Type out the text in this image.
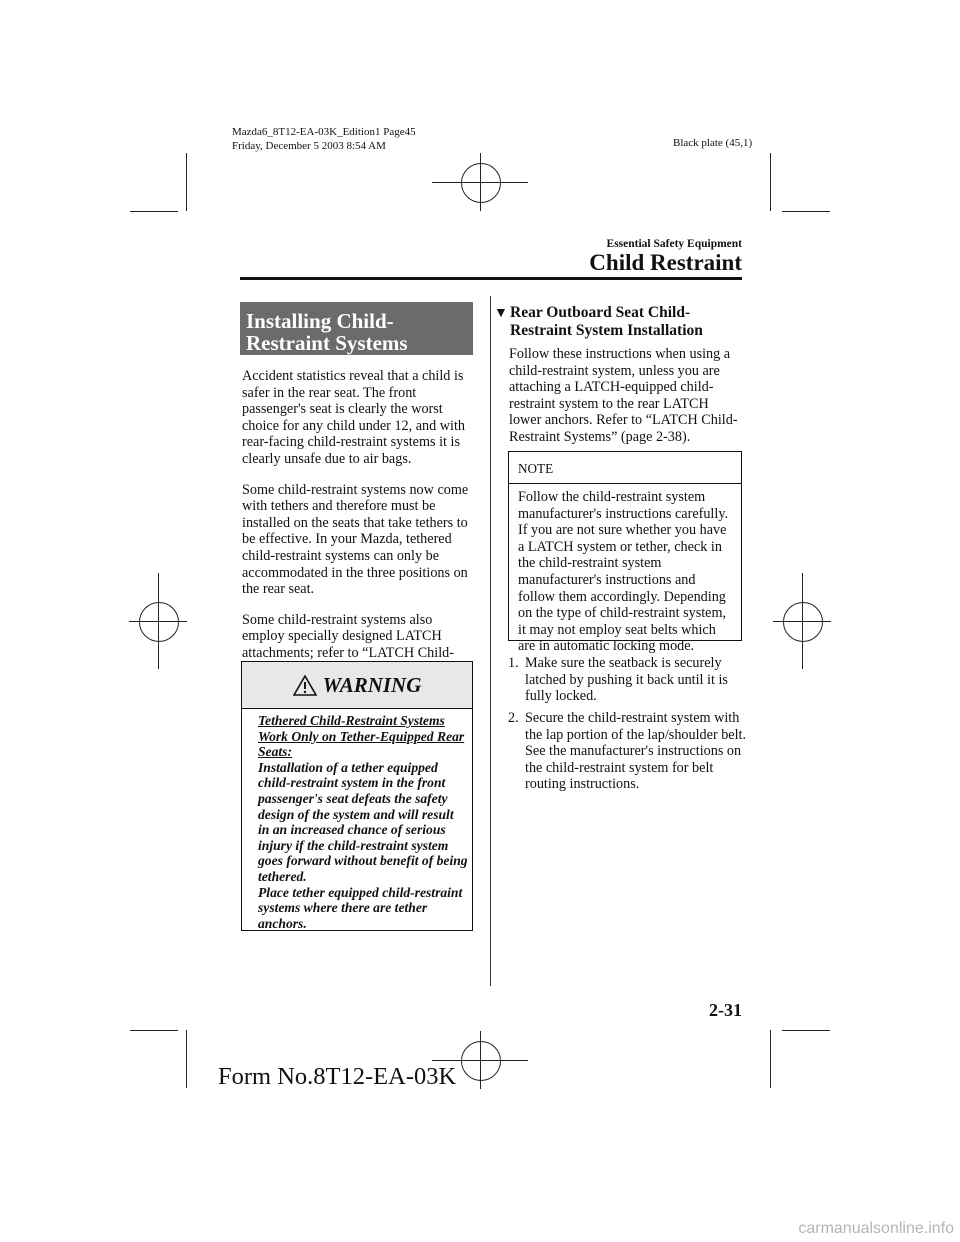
Mazda6_8T12-EA-03K_Edition1 Page45
Friday, December 5 2003 8:54 AM	Black plate (45,1)
Essential Safety Equipment
Child Restraint
Installing Child-Restraint Systems

Accident statistics reveal that a child is safer in the rear seat. The front passenger's seat is clearly the worst choice for any child under 12, and with rear-facing child-restraint systems it is clearly unsafe due to air bags.

Some child-restraint systems now come with tethers and therefore must be installed on the seats that take tethers to be effective. In your Mazda, tethered child-restraint systems can only be accommodated in the three positions on the rear seat.

Some child-restraint systems also employ specially designed LATCH attachments; refer to “LATCH Child-

WARNING
Tethered Child-Restraint Systems Work Only on Tether-Equipped Rear Seats:
Installation of a tether equipped child-restraint system in the front passenger's seat defeats the safety design of the system and will result in an increased chance of serious injury if the child-restraint system goes forward without benefit of being tethered.
Place tether equipped child-restraint systems where there are tether anchors.
▼ Rear Outboard Seat Child-Restraint System Installation
Follow these instructions when using a child-restraint system, unless you are attaching a LATCH-equipped child-restraint system to the rear LATCH lower anchors. Refer to “LATCH Child-Restraint Systems” (page 2-38).
NOTE
Follow the child-restraint system manufacturer's instructions carefully. If you are not sure whether you have a LATCH system or tether, check in the child-restraint system manufacturer's instructions and follow them accordingly. Depending on the type of child-restraint system, it may not employ seat belts which are in automatic locking mode.
1. Make sure the seatback is securely latched by pushing it back until it is fully locked.
2. Secure the child-restraint system with the lap portion of the lap/shoulder belt. See the manufacturer's instructions on the child-restraint system for belt routing instructions.
2-31
Form No.8T12-EA-03K
carmanualsonline.info
